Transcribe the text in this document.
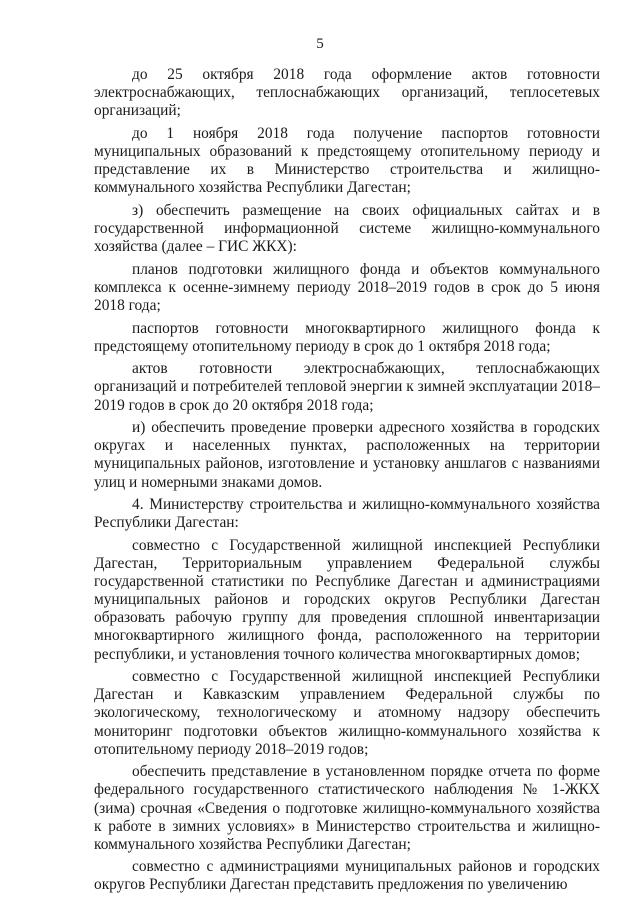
5

до 25 октября 2018 года оформление актов готовности электроснабжающих, теплоснабжающих организаций, теплосетевых организаций;

до 1 ноября 2018 года получение паспортов готовности муниципальных образований к предстоящему отопительному периоду и представление их в Министерство строительства и жилищно-коммунального хозяйства Республики Дагестан;

з) обеспечить размещение на своих официальных сайтах и в государственной информационной системе жилищно-коммунального хозяйства (далее – ГИС ЖКХ):

планов подготовки жилищного фонда и объектов коммунального комплекса к осенне-зимнему периоду 2018–2019 годов в срок до 5 июня 2018 года;

паспортов готовности многоквартирного жилищного фонда к предстоящему отопительному периоду в срок до 1 октября 2018 года;

актов готовности электроснабжающих, теплоснабжающих организаций и потребителей тепловой энергии к зимней эксплуатации 2018–2019 годов в срок до 20 октября 2018 года;

и) обеспечить проведение проверки адресного хозяйства в городских округах и населенных пунктах, расположенных на территории муниципальных районов, изготовление и установку аншлагов с названиями улиц и номерными знаками домов.

4. Министерству строительства и жилищно-коммунального хозяйства Республики Дагестан:

совместно с Государственной жилищной инспекцией Республики Дагестан, Территориальным управлением Федеральной службы государственной статистики по Республике Дагестан и администрациями муниципальных районов и городских округов Республики Дагестан образовать рабочую группу для проведения сплошной инвентаризации многоквартирного жилищного фонда, расположенного на территории республики, и установления точного количества многоквартирных домов;

совместно с Государственной жилищной инспекцией Республики Дагестан и Кавказским управлением Федеральной службы по экологическому, технологическому и атомному надзору обеспечить мониторинг подготовки объектов жилищно-коммунального хозяйства к отопительному периоду 2018–2019 годов;

обеспечить представление в установленном порядке отчета по форме федерального государственного статистического наблюдения № 1-ЖКХ (зима) срочная «Сведения о подготовке жилищно-коммунального хозяйства к работе в зимних условиях» в Министерство строительства и жилищно-коммунального хозяйства Республики Дагестан;

совместно с администрациями муниципальных районов и городских округов Республики Дагестан представить предложения по увеличению
